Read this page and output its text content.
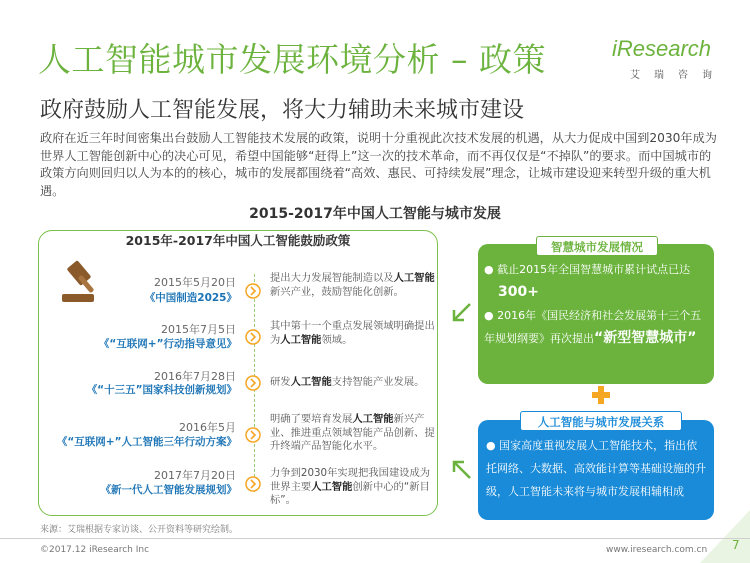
人工智能城市发展环境分析 – 政策	iResearch
艾瑞咨询
政府鼓励人工智能发展，将大力辅助未来城市建设
政府在近三年时间密集出台鼓励人工智能技术发展的政策，说明十分重视此次技术发展的机遇，从大力促成中国到2030年成为世界人工智能创新中心的决心可见，希望中国能够“赶得上”这一次的技术革命，而不再仅仅是“不掉队”的要求。而中国城市的政策方向则回归以人为本的的核心，城市的发展都围绕着“高效、惠民、可持续发展”理念，让城市建设迎来转型升级的重大机遇。
2015-2017年中国人工智能与城市发展
2015年-2017年中国人工智能鼓励政策
2015年5月20日
《中国制造2025》
提出大力发展智能制造以及人工智能新兴产业，鼓励智能化创新。
2015年7月5日
《“互联网+”行动指导意见》
其中第十一个重点发展领域明确提出为人工智能领域。
2016年7月28日
《“十三五”国家科技创新规划》
研发人工智能支持智能产业发展。
2016年5月
《“互联网+”人工智能三年行动方案》
明确了要培育发展人工智能新兴产业、推进重点领域智能产品创新、提升终端产品智能化水平。
2017年7月20日
《新一代人工智能发展规划》
力争到2030年实现把我国建设成为世界主要人工智能创新中心的“新目标”。
● 截止2015年全国智慧城市累计试点已达
300+
● 2016年《国民经济和社会发展第十三个五年规划纲要》再次提出“新型智慧城市”
智慧城市发展情况
● 国家高度重视发展人工智能技术，指出依托网络、大数据、高效能计算等基础设施的升级，人工智能未来将与城市发展相辅相成
人工智能与城市发展关系
来源：艾瑞根据专家访谈、公开资料等研究绘制。
©2017.12 iResearch Inc	www.iresearch.com.cn 7
